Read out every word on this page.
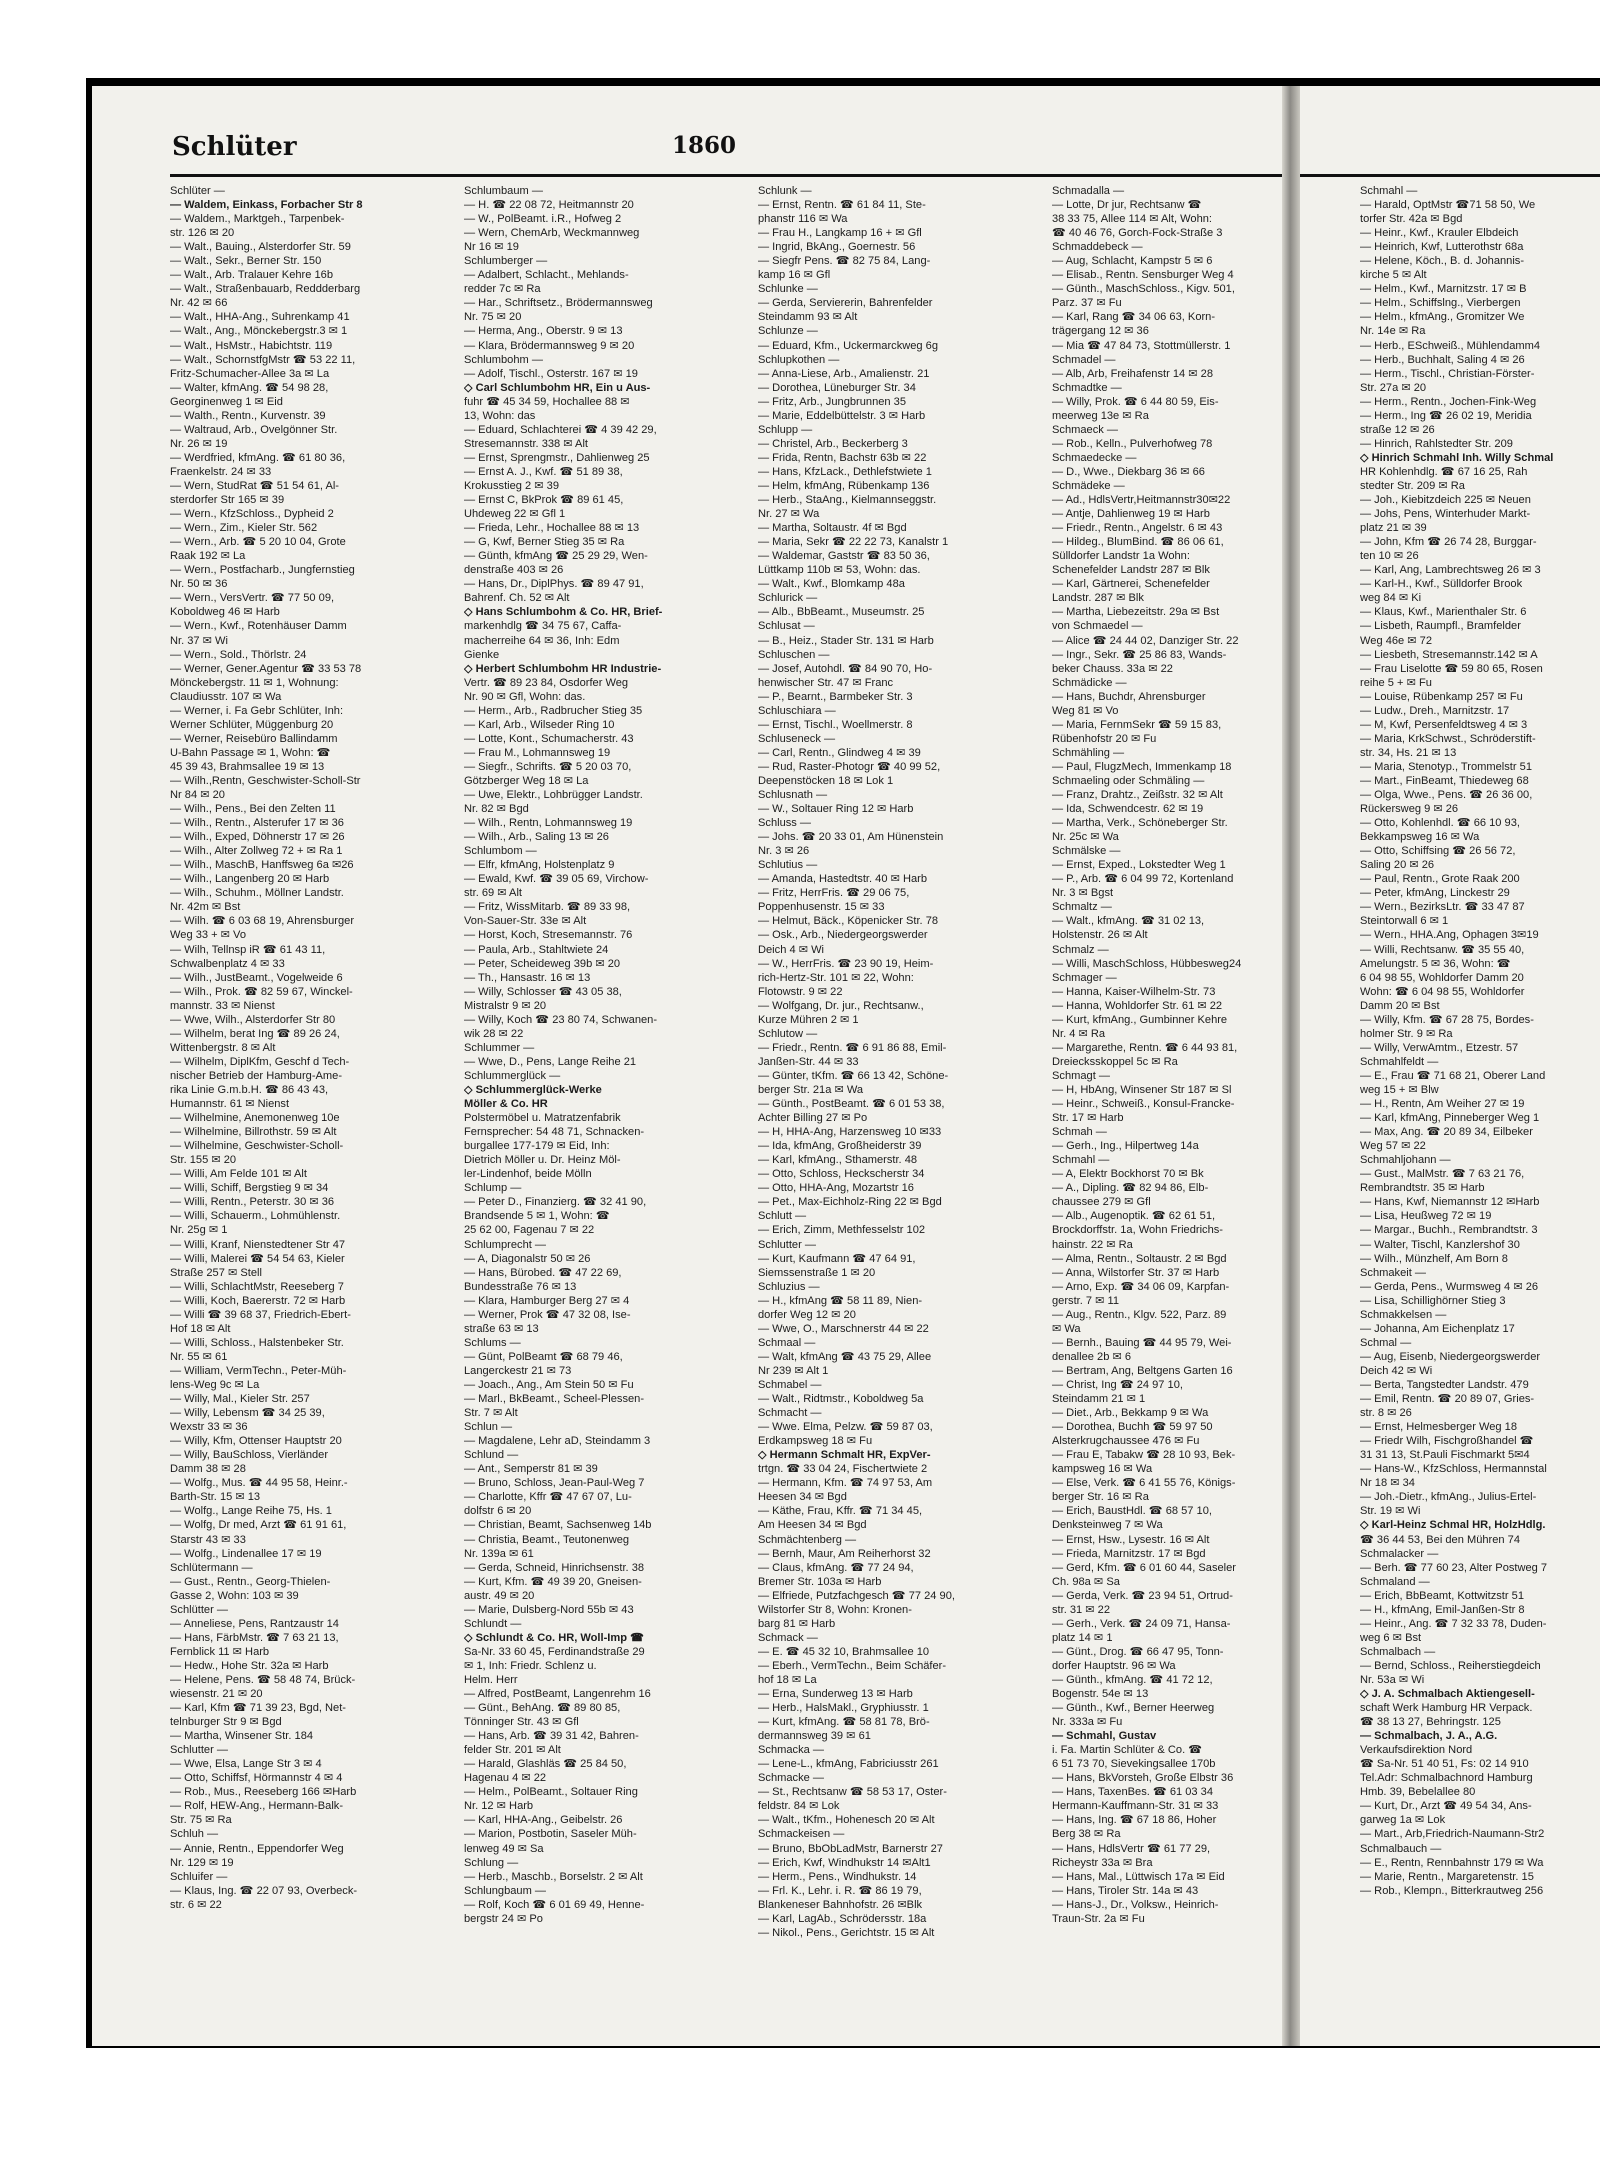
Schlüter	1860
Schlüter —
— Waldem, Einkass, Forbacher Str 8
— Waldem., Marktgeh., Tarpenbek-
str. 126 ✉ 20
— Walt., Bauing., Alsterdorfer Str. 59
— Walt., Sekr., Berner Str. 150
— Walt., Arb. Tralauer Kehre 16b
— Walt., Straßenbauarb, Reddderbarg
Nr. 42 ✉ 66
— Walt., HHA-Ang., Suhrenkamp 41
— Walt., Ang., Mönckebergstr.3 ✉ 1
— Walt., HsMstr., Habichtstr. 119
— Walt., SchornstfgMstr ☎ 53 22 11,
Fritz-Schumacher-Allee 3a ✉ La
— Walter, kfmAng. ☎ 54 98 28,
Georginenweg 1 ✉ Eid
— Walth., Rentn., Kurvenstr. 39
— Waltraud, Arb., Ovelgönner Str.
Nr. 26 ✉ 19
— Werdfried, kfmAng. ☎ 61 80 36,
Fraenkelstr. 24 ✉ 33
— Wern, StudRat ☎ 51 54 61, Al-
sterdorfer Str 165 ✉ 39
— Wern., KfzSchloss., Dypheid 2
— Wern., Zim., Kieler Str. 562
— Wern., Arb. ☎ 5 20 10 04, Grote
Raak 192 ✉ La
— Wern., Postfacharb., Jungfernstieg
Nr. 50 ✉ 36
— Wern., VersVertr. ☎ 77 50 09,
Koboldweg 46 ✉ Harb
— Wern., Kwf., Rotenhäuser Damm
Nr. 37 ✉ Wi
— Wern., Sold., Thörlstr. 24
— Werner, Gener.Agentur ☎ 33 53 78
Mönckebergstr. 11 ✉ 1, Wohnung:
Claudiusstr. 107 ✉ Wa
— Werner, i. Fa Gebr Schlüter, Inh:
Werner Schlüter, Müggenburg 20
— Werner, Reisebüro Ballindamm
U-Bahn Passage ✉ 1, Wohn: ☎
45 39 43, Brahmsallee 19 ✉ 13
— Wilh.,Rentn, Geschwister-Scholl-Str
Nr 84 ✉ 20
— Wilh., Pens., Bei den Zelten 11
— Wilh., Rentn., Alsterufer 17 ✉ 36
— Wilh., Exped, Döhnerstr 17 ✉ 26
— Wilh., Alter Zollweg 72 + ✉ Ra 1
— Wilh., MaschB, Hanffsweg 6a ✉26
— Wilh., Langenberg 20 ✉ Harb
— Wilh., Schuhm., Möllner Landstr.
Nr. 42m ✉ Bst
— Wilh. ☎ 6 03 68 19, Ahrensburger
Weg 33 + ✉ Vo
— Wilh, Tellnsp iR ☎ 61 43 11,
Schwalbenplatz 4 ✉ 33
— Wilh., JustBeamt., Vogelweide 6
— Wilh., Prok. ☎ 82 59 67, Winckel-
mannstr. 33 ✉ Nienst
— Wwe, Wilh., Alsterdorfer Str 80
— Wilhelm, berat Ing ☎ 89 26 24,
Wittenbergstr. 8 ✉ Alt
— Wilhelm, DiplKfm, Geschf d Tech-
nischer Betrieb der Hamburg-Ame-
rika Linie G.m.b.H. ☎ 86 43 43,
Humannstr. 61 ✉ Nienst
— Wilhelmine, Anemonenweg 10e
— Wilhelmine, Billrothstr. 59 ✉ Alt
— Wilhelmine, Geschwister-Scholl-
Str. 155 ✉ 20
— Willi, Am Felde 101 ✉ Alt
— Willi, Schiff, Bergstieg 9 ✉ 34
— Willi, Rentn., Peterstr. 30 ✉ 36
— Willi, Schauerm., Lohmühlenstr.
Nr. 25g ✉ 1
— Willi, Kranf, Nienstedtener Str 47
— Willi, Malerei ☎ 54 54 63, Kieler
Straße 257 ✉ Stell
— Willi, SchlachtMstr, Reeseberg 7
— Willi, Koch, Baererstr. 72 ✉ Harb
— Willi ☎ 39 68 37, Friedrich-Ebert-
Hof 18 ✉ Alt
— Willi, Schloss., Halstenbeker Str.
Nr. 55 ✉ 61
— William, VermTechn., Peter-Müh-
lens-Weg 9c ✉ La
— Willy, Mal., Kieler Str. 257
— Willy, Lebensm ☎ 34 25 39,
Wexstr 33 ✉ 36
— Willy, Kfm, Ottenser Hauptstr 20
— Willy, BauSchloss, Vierländer
Damm 38 ✉ 28
— Wolfg., Mus. ☎ 44 95 58, Heinr.-
Barth-Str. 15 ✉ 13
— Wolfg., Lange Reihe 75, Hs. 1
— Wolfg, Dr med, Arzt ☎ 61 91 61,
Starstr 43 ✉ 33
— Wolfg., Lindenallee 17 ✉ 19
Schlütermann —
— Gust., Rentn., Georg-Thielen-
Gasse 2, Wohn: 103 ✉ 39
Schlütter —
— Anneliese, Pens, Rantzaustr 14
— Hans, FärbMstr. ☎ 7 63 21 13,
Fernblick 11 ✉ Harb
— Hedw., Hohe Str. 32a ✉ Harb
— Helene, Pens. ☎ 58 48 74, Brück-
wiesenstr. 21 ✉ 20
— Karl, Kfm ☎ 71 39 23, Bgd, Net-
telnburger Str 9 ✉ Bgd
— Martha, Winsener Str. 184
Schlutter —
— Wwe, Elsa, Lange Str 3 ✉ 4
— Otto, Schiffsf, Hörmannstr 4 ✉ 4
— Rob., Mus., Reeseberg 166 ✉Harb
— Rolf, HEW-Ang., Hermann-Balk-
Str. 75 ✉ Ra
Schluh —
— Annie, Rentn., Eppendorfer Weg
Nr. 129 ✉ 19
Schluifer —
— Klaus, Ing. ☎ 22 07 93, Overbeck-
str. 6 ✉ 22
Schlumbaum —
— H. ☎ 22 08 72, Heitmannstr 20
— W., PolBeamt. i.R., Hofweg 2
— Wern, ChemArb, Weckmannweg
Nr 16 ✉ 19
Schlumberger —
— Adalbert, Schlacht., Mehlands-
redder 7c ✉ Ra
— Har., Schriftsetz., Brödermannsweg
Nr. 75 ✉ 20
— Herma, Ang., Oberstr. 9 ✉ 13
— Klara, Brödermannsweg 9 ✉ 20
Schlumbohm —
— Adolf, Tischl., Osterstr. 167 ✉ 19
◇ Carl Schlumbohm HR, Ein u Aus-
fuhr ☎ 45 34 59, Hochallee 88 ✉
13, Wohn: das
— Eduard, Schlachterei ☎ 4 39 42 29,
Stresemannstr. 338 ✉ Alt
— Ernst, Sprengmstr., Dahlienweg 25
— Ernst A. J., Kwf. ☎ 51 89 38,
Krokusstieg 2 ✉ 39
— Ernst C, BkProk ☎ 89 61 45,
Uhdeweg 22 ✉ Gfl 1
— Frieda, Lehr., Hochallee 88 ✉ 13
— G, Kwf, Berner Stieg 35 ✉ Ra
— Günth, kfmAng ☎ 25 29 29, Wen-
denstraße 403 ✉ 26
— Hans, Dr., DiplPhys. ☎ 89 47 91,
Bahrenf. Ch. 52 ✉ Alt
◇ Hans Schlumbohm & Co. HR, Brief-
markenhdlg ☎ 34 75 67, Caffa-
macherreihe 64 ✉ 36, Inh: Edm
Gienke
◇ Herbert Schlumbohm HR Industrie-
Vertr. ☎ 89 23 84, Osdorfer Weg
Nr. 90 ✉ Gfl, Wohn: das.
— Herm., Arb., Radbrucher Stieg 35
— Karl, Arb., Wilseder Ring 10
— Lotte, Kont., Schumacherstr. 43
— Frau M., Lohmannsweg 19
— Siegfr., Schrifts. ☎ 5 20 03 70,
Götzberger Weg 18 ✉ La
— Uwe, Elektr., Lohbrügger Landstr.
Nr. 82 ✉ Bgd
— Wilh., Rentn, Lohmannsweg 19
— Wilh., Arb., Saling 13 ✉ 26
Schlumbom —
— Elfr, kfmAng, Holstenplatz 9
— Ewald, Kwf. ☎ 39 05 69, Virchow-
str. 69 ✉ Alt
— Fritz, WissMitarb. ☎ 89 33 98,
Von-Sauer-Str. 33e ✉ Alt
— Horst, Koch, Stresemannstr. 76
— Paula, Arb., Stahltwiete 24
— Peter, Scheideweg 39b ✉ 20
— Th., Hansastr. 16 ✉ 13
— Willy, Schlosser ☎ 43 05 38,
Mistralstr 9 ✉ 20
— Willy, Koch ☎ 23 80 74, Schwanen-
wik 28 ✉ 22
Schlummer —
— Wwe, D., Pens, Lange Reihe 21
Schlummerglück —
◇ Schlummerglück-Werke
Möller & Co. HR
Polstermöbel u. Matratzenfabrik
Fernsprecher: 54 48 71, Schnacken-
burgallee 177-179 ✉ Eid, Inh:
Dietrich Möller u. Dr. Heinz Möl-
ler-Lindenhof, beide Mölln
Schlump —
— Peter D., Finanzierg. ☎ 32 41 90,
Brandsende 5 ✉ 1, Wohn: ☎
25 62 00, Fagenau 7 ✉ 22
Schlumprecht —
— A, Diagonalstr 50 ✉ 26
— Hans, Bürobed. ☎ 47 22 69,
Bundesstraße 76 ✉ 13
— Klara, Hamburger Berg 27 ✉ 4
— Werner, Prok ☎ 47 32 08, Ise-
straße 63 ✉ 13
Schlums —
— Günt, PolBeamt ☎ 68 79 46,
Langerckestr 21 ✉ 73
— Joach., Ang., Am Stein 50 ✉ Fu
— Marl., BkBeamt., Scheel-Plessen-
Str. 7 ✉ Alt
Schlun —
— Magdalene, Lehr aD, Steindamm 3
Schlund —
— Ant., Semperstr 81 ✉ 39
— Bruno, Schloss, Jean-Paul-Weg 7
— Charlotte, Kffr ☎ 47 67 07, Lu-
dolfstr 6 ✉ 20
— Christian, Beamt, Sachsenweg 14b
— Christia, Beamt., Teutonenweg
Nr. 139a ✉ 61
— Gerda, Schneid, Hinrichsenstr. 38
— Kurt, Kfm. ☎ 49 39 20, Gneisen-
austr. 49 ✉ 20
— Marie, Dulsberg-Nord 55b ✉ 43
Schlundt —
◇ Schlundt & Co. HR, Woll-Imp ☎
Sa-Nr. 33 60 45, Ferdinandstraße 29
✉ 1, Inh: Friedr. Schlenz u.
Helm. Herr
— Alfred, PostBeamt, Langenrehm 16
— Günt., BehAng. ☎ 89 80 85,
Tönninger Str. 43 ✉ Gfl
— Hans, Arb. ☎ 39 31 42, Bahren-
felder Str. 201 ✉ Alt
— Harald, Glashläs ☎ 25 84 50,
Hagenau 4 ✉ 22
— Helm., PolBeamt., Soltauer Ring
Nr. 12 ✉ Harb
— Karl, HHA-Ang., Geibelstr. 26
— Marion, Postbotin, Saseler Müh-
lenweg 49 ✉ Sa
Schlung —
— Herb., Maschb., Borselstr. 2 ✉ Alt
Schlungbaum —
— Rolf, Koch ☎ 6 01 69 49, Henne-
bergstr 24 ✉ Po
Schlunk —
— Ernst, Rentn. ☎ 61 84 11, Ste-
phanstr 116 ✉ Wa
— Frau H., Langkamp 16 + ✉ Gfl
— Ingrid, BkAng., Goernestr. 56
— Siegfr Pens. ☎ 82 75 84, Lang-
kamp 16 ✉ Gfl
Schlunke —
— Gerda, Serviererin, Bahrenfelder
Steindamm 93 ✉ Alt
Schlunze —
— Eduard, Kfm., Uckermarckweg 6g
Schlupkothen —
— Anna-Liese, Arb., Amalienstr. 21
— Dorothea, Lüneburger Str. 34
— Fritz, Arb., Jungbrunnen 35
— Marie, Eddelbüttelstr. 3 ✉ Harb
Schlupp —
— Christel, Arb., Beckerberg 3
— Frida, Rentn, Bachstr 63b ✉ 22
— Hans, KfzLack., Dethlefstwiete 1
— Helm, kfmAng, Rübenkamp 136
— Herb., StaAng., Kielmannseggstr.
Nr. 27 ✉ Wa
— Martha, Soltaustr. 4f ✉ Bgd
— Maria, Sekr ☎ 22 22 73, Kanalstr 1
— Waldemar, Gaststr ☎ 83 50 36,
Lüttkamp 110b ✉ 53, Wohn: das.
— Walt., Kwf., Blomkamp 48a
Schlurick —
— Alb., BbBeamt., Museumstr. 25
Schlusat —
— B., Heiz., Stader Str. 131 ✉ Harb
Schluschen —
— Josef, Autohdl. ☎ 84 90 70, Ho-
henwischer Str. 47 ✉ Franc
— P., Bearnt., Barmbeker Str. 3
Schluschiara —
— Ernst, Tischl., Woellmerstr. 8
Schluseneck —
— Carl, Rentn., Glindweg 4 ✉ 39
— Rud, Raster-Photogr ☎ 40 99 52,
Deepenstöcken 18 ✉ Lok 1
Schlusnath —
— W., Soltauer Ring 12 ✉ Harb
Schluss —
— Johs. ☎ 20 33 01, Am Hünenstein
Nr. 3 ✉ 26
Schlutius —
— Amanda, Hastedtstr. 40 ✉ Harb
— Fritz, HerrFris. ☎ 29 06 75,
Poppenhusenstr. 15 ✉ 33
— Helmut, Bäck., Köpenicker Str. 78
— Osk., Arb., Niedergeorgswerder
Deich 4 ✉ Wi
— W., HerrFris. ☎ 23 90 19, Heim-
rich-Hertz-Str. 101 ✉ 22, Wohn:
Flotowstr. 9 ✉ 22
— Wolfgang, Dr. jur., Rechtsanw.,
Kurze Mühren 2 ✉ 1
Schlutow —
— Friedr., Rentn. ☎ 6 91 86 88, Emil-
Janßen-Str. 44 ✉ 33
— Günter, tKfm. ☎ 66 13 42, Schöne-
berger Str. 21a ✉ Wa
— Günth., PostBeamt. ☎ 6 01 53 38,
Achter Billing 27 ✉ Po
— H, HHA-Ang, Harzensweg 10 ✉33
— Ida, kfmAng, Großheiderstr 39
— Karl, kfmAng., Sthamerstr. 48
— Otto, Schloss, Heckscherstr 34
— Otto, HHA-Ang, Mozartstr 16
— Pet., Max-Eichholz-Ring 22 ✉ Bgd
Schlutt —
— Erich, Zimm, Methfesselstr 102
Schlutter —
— Kurt, Kaufmann ☎ 47 64 91,
Siemssenstraße 1 ✉ 20
Schluzius —
— H., kfmAng ☎ 58 11 89, Nien-
dorfer Weg 12 ✉ 20
— Wwe, O., Marschnerstr 44 ✉ 22
Schmaal —
— Walt, kfmAng ☎ 43 75 29, Allee
Nr 239 ✉ Alt 1
Schmabel —
— Walt., Ridtmstr., Koboldweg 5a
Schmacht —
— Wwe. Elma, Pelzw. ☎ 59 87 03,
Erdkampsweg 18 ✉ Fu
◇ Hermann Schmalt HR, ExpVer-
trtgn. ☎ 33 04 24, Fischertwiete 2
— Hermann, Kfm. ☎ 74 97 53, Am
Heesen 34 ✉ Bgd
— Käthe, Frau, Kffr. ☎ 71 34 45,
Am Heesen 34 ✉ Bgd
Schmächtenberg —
— Bernh, Maur, Am Reiherhorst 32
— Claus, kfmAng. ☎ 77 24 94,
Bremer Str. 103a ✉ Harb
— Elfriede, Putzfachgesch ☎ 77 24 90,
Wilstorfer Str 8, Wohn: Kronen-
barg 81 ✉ Harb
Schmack —
— E. ☎ 45 32 10, Brahmsallee 10
— Eberh., VermTechn., Beim Schäfer-
hof 18 ✉ La
— Erna, Sunderweg 13 ✉ Harb
— Herb., HalsMakl., Gryphiusstr. 1
— Kurt, kfmAng. ☎ 58 81 78, Brö-
dermannsweg 39 ✉ 61
Schmacka —
— Lene-L., kfmAng, Fabriciusstr 261
Schmacke —
— St., Rechtsanw ☎ 58 53 17, Oster-
feldstr. 84 ✉ Lok
— Walt., tKfm., Hohenesch 20 ✉ Alt
Schmackeisen —
— Bruno, BbObLadMstr, Barnerstr 27
— Erich, Kwf, Windhukstr 14 ✉Alt1
— Herm., Pens., Windhukstr. 14
— Frl. K., Lehr. i. R. ☎ 86 19 79,
Blankeneser Bahnhofstr. 26 ✉Blk
— Karl, LagAb., Schrödersstr. 18a
— Nikol., Pens., Gerichtstr. 15 ✉ Alt
Schmadalla —
— Lotte, Dr jur, Rechtsanw ☎
38 33 75, Allee 114 ✉ Alt, Wohn:
☎ 40 46 76, Gorch-Fock-Straße 3
Schmaddebeck —
— Aug, Schlacht, Kampstr 5 ✉ 6
— Elisab., Rentn. Sensburger Weg 4
— Günth., MaschSchloss., Kigv. 501,
Parz. 37 ✉ Fu
— Karl, Rang ☎ 34 06 63, Korn-
trägergang 12 ✉ 36
— Mia ☎ 47 84 73, Stottmüllerstr. 1
Schmadel —
— Alb, Arb, Freihafenstr 14 ✉ 28
Schmadtke —
— Willy, Prok. ☎ 6 44 80 59, Eis-
meerweg 13e ✉ Ra
Schmaeck —
— Rob., Kelln., Pulverhofweg 78
Schmaedecke —
— D., Wwe., Diekbarg 36 ✉ 66
Schmädeke —
— Ad., HdlsVertr,Heitmannstr30✉22
— Antje, Dahlienweg 19 ✉ Harb
— Friedr., Rentn., Angelstr. 6 ✉ 43
— Hildeg., BlumBind. ☎ 86 06 61,
Sülldorfer Landstr 1a Wohn:
Schenefelder Landstr 287 ✉ Blk
— Karl, Gärtnerei, Schenefelder
Landstr. 287 ✉ Blk
— Martha, Liebezeitstr. 29a ✉ Bst
von Schmaedel —
— Alice ☎ 24 44 02, Danziger Str. 22
— Ingr., Sekr. ☎ 25 86 83, Wands-
beker Chauss. 33a ✉ 22
Schmädicke —
— Hans, Buchdr, Ahrensburger
Weg 81 ✉ Vo
— Maria, FernmSekr ☎ 59 15 83,
Rübenhofstr 20 ✉ Fu
Schmähling —
— Paul, FlugzMech, Immenkamp 18
Schmaeling oder Schmäling —
— Franz, Drahtz., Zeißstr. 32 ✉ Alt
— Ida, Schwendcestr. 62 ✉ 19
— Martha, Verk., Schöneberger Str.
Nr. 25c ✉ Wa
Schmälske —
— Ernst, Exped., Lokstedter Weg 1
— P., Arb. ☎ 6 04 99 72, Kortenland
Nr. 3 ✉ Bgst
Schmaltz —
— Walt., kfmAng. ☎ 31 02 13,
Holstenstr. 26 ✉ Alt
Schmalz —
— Willi, MaschSchloss, Hübbesweg24
Schmager —
— Hanna, Kaiser-Wilhelm-Str. 73
— Hanna, Wohldorfer Str. 61 ✉ 22
— Kurt, kfmAng., Gumbinner Kehre
Nr. 4 ✉ Ra
— Margarethe, Rentn. ☎ 6 44 93 81,
Dreiecksskoppel 5c ✉ Ra
Schmagt —
— H, HbAng, Winsener Str 187 ✉ Sl
— Heinr., Schweiß., Konsul-Francke-
Str. 17 ✉ Harb
Schmah —
— Gerh., Ing., Hilpertweg 14a
Schmahl —
— A, Elektr Bockhorst 70 ✉ Bk
— A., Dipling. ☎ 82 94 86, Elb-
chaussee 279 ✉ Gfl
— Alb., Augenoptik. ☎ 62 61 51,
Brockdorffstr. 1a, Wohn Friedrichs-
hainstr. 22 ✉ Ra
— Alma, Rentn., Soltaustr. 2 ✉ Bgd
— Anna, Wilstorfer Str. 37 ✉ Harb
— Arno, Exp. ☎ 34 06 09, Karpfan-
gerstr. 7 ✉ 11
— Aug., Rentn., Klgv. 522, Parz. 89
✉ Wa
— Bernh., Bauing ☎ 44 95 79, Wei-
denallee 2b ✉ 6
— Bertram, Ang, Beltgens Garten 16
— Christ, Ing ☎ 24 97 10,
Steindamm 21 ✉ 1
— Diet., Arb., Bekkamp 9 ✉ Wa
— Dorothea, Buchh ☎ 59 97 50
Alsterkrugchaussee 476 ✉ Fu
— Frau E, Tabakw ☎ 28 10 93, Bek-
kampsweg 16 ✉ Wa
— Else, Verk. ☎ 6 41 55 76, Königs-
berger Str. 16 ✉ Ra
— Erich, BaustHdl. ☎ 68 57 10,
Denksteinweg 7 ✉ Wa
— Ernst, Hsw., Lysestr. 16 ✉ Alt
— Frieda, Marnitzstr. 17 ✉ Bgd
— Gerd, Kfm. ☎ 6 01 60 44, Saseler
Ch. 98a ✉ Sa
— Gerda, Verk. ☎ 23 94 51, Ortrud-
str. 31 ✉ 22
— Gerh., Verk. ☎ 24 09 71, Hansa-
platz 14 ✉ 1
— Günt., Drog. ☎ 66 47 95, Tonn-
dorfer Hauptstr. 96 ✉ Wa
— Günth., kfmAng. ☎ 41 72 12,
Bogenstr. 54e ✉ 13
— Günth., Kwf., Berner Heerweg
Nr. 333a ✉ Fu
— Schmahl, Gustav
i. Fa. Martin Schlüter & Co. ☎
6 51 73 70, Sievekingsallee 170b
— Hans, BkVorsteh, Große Elbstr 36
— Hans, TaxenBes. ☎ 61 03 34
Hermann-Kauffmann-Str. 31 ✉ 33
— Hans, Ing. ☎ 67 18 86, Hoher
Berg 38 ✉ Ra
— Hans, HdlsVertr ☎ 61 77 29,
Richeystr 33a ✉ Bra
— Hans, Mal., Lüttwisch 17a ✉ Eid
— Hans, Tiroler Str. 14a ✉ 43
— Hans-J., Dr., Volksw., Heinrich-
Traun-Str. 2a ✉ Fu
Schmahl —
— Harald, OptMstr ☎71 58 50, We
torfer Str. 42a ✉ Bgd
— Heinr., Kwf., Krauler Elbdeich
— Heinrich, Kwf, Lutterothstr 68a
— Helene, Köch., B. d. Johannis-
kirche 5 ✉ Alt
— Helm., Kwf., Marnitzstr. 17 ✉ B
— Helm., Schiffslng., Vierbergen
— Helm., kfmAng., Gromitzer We
Nr. 14e ✉ Ra
— Herb., ESchweiß., Mühlendamm4
— Herb., Buchhalt, Saling 4 ✉ 26
— Herm., Tischl., Christian-Förster-
Str. 27a ✉ 20
— Herm., Rentn., Jochen-Fink-Weg
— Herm., Ing ☎ 26 02 19, Meridia
straße 12 ✉ 26
— Hinrich, Rahlstedter Str. 209
◇ Hinrich Schmahl Inh. Willy Schmal
HR Kohlenhdlg. ☎ 67 16 25, Rah
stedter Str. 209 ✉ Ra
— Joh., Kiebitzdeich 225 ✉ Neuen
— Johs, Pens, Winterhuder Markt-
platz 21 ✉ 39
— John, Kfm ☎ 26 74 28, Burggar-
ten 10 ✉ 26
— Karl, Ang, Lambrechtsweg 26 ✉ 3
— Karl-H., Kwf., Sülldorfer Brook
weg 84 ✉ Ki
— Klaus, Kwf., Marienthaler Str. 6
— Lisbeth, Raumpfl., Bramfelder
Weg 46e ✉ 72
— Liesbeth, Stresemannstr.142 ✉ A
— Frau Liselotte ☎ 59 80 65, Rosen
reihe 5 + ✉ Fu
— Louise, Rübenkamp 257 ✉ Fu
— Ludw., Dreh., Marnitzstr. 17
— M, Kwf, Persenfeldtsweg 4 ✉ 3
— Maria, KrkSchwst., Schröderstift-
str. 34, Hs. 21 ✉ 13
— Maria, Stenotyp., Trommelstr 51
— Mart., FinBeamt, Thiedeweg 68
— Olga, Wwe., Pens. ☎ 26 36 00,
Rückersweg 9 ✉ 26
— Otto, Kohlenhdl. ☎ 66 10 93,
Bekkampsweg 16 ✉ Wa
— Otto, Schiffsing ☎ 26 56 72,
Saling 20 ✉ 26
— Paul, Rentn., Grote Raak 200
— Peter, kfmAng, Linckestr 29
— Wern., BezirksLtr. ☎ 33 47 87
Steintorwall 6 ✉ 1
— Wern., HHA.Ang, Ophagen 3✉19
— Willi, Rechtsanw. ☎ 35 55 40,
Amelungstr. 5 ✉ 36, Wohn: ☎
6 04 98 55, Wohldorfer Damm 20
Wohn: ☎ 6 04 98 55, Wohldorfer
Damm 20 ✉ Bst
— Willy, Kfm. ☎ 67 28 75, Bordes-
holmer Str. 9 ✉ Ra
— Willy, VerwAmtm., Etzestr. 57
Schmahlfeldt —
— E., Frau ☎ 71 68 21, Oberer Land
weg 15 + ✉ Blw
— H., Rentn, Am Weiher 27 ✉ 19
— Karl, kfmAng, Pinneberger Weg 1
— Max, Ang. ☎ 20 89 34, Eilbeker
Weg 57 ✉ 22
Schmahljohann —
— Gust., MalMstr. ☎ 7 63 21 76,
Rembrandtstr. 35 ✉ Harb
— Hans, Kwf, Niemannstr 12 ✉Harb
— Lisa, Heußweg 72 ✉ 19
— Margar., Buchh., Rembrandtstr. 3
— Walter, Tischl, Kanzlershof 30
— Wilh., Münzhelf, Am Born 8
Schmakeit —
— Gerda, Pens., Wurmsweg 4 ✉ 26
— Lisa, Schillighörner Stieg 3
Schmakkelsen —
— Johanna, Am Eichenplatz 17
Schmal —
— Aug, Eisenb, Niedergeorgswerder
Deich 42 ✉ Wi
— Berta, Tangstedter Landstr. 479
— Emil, Rentn. ☎ 20 89 07, Gries-
str. 8 ✉ 26
— Ernst, Helmesberger Weg 18
— Friedr Wilh, Fischgroßhandel ☎
31 31 13, St.Pauli Fischmarkt 5✉4
— Hans-W., KfzSchloss, Hermannstal
Nr 18 ✉ 34
— Joh.-Dietr., kfmAng., Julius-Ertel-
Str. 19 ✉ Wi
◇ Karl-Heinz Schmal HR, HolzHdlg.
☎ 36 44 53, Bei den Mühren 74
Schmalacker —
— Berh. ☎ 77 60 23, Alter Postweg 7
Schmaland —
— Erich, BbBeamt, Kottwitzstr 51
— H., kfmAng, Emil-Janßen-Str 8
— Heinr., Ang. ☎ 7 32 33 78, Duden-
weg 6 ✉ Bst
Schmalbach —
— Bernd, Schloss., Reiherstiegdeich
Nr. 53a ✉ Wi
◇ J. A. Schmalbach Aktiengesell-
schaft Werk Hamburg HR Verpack.
☎ 38 13 27, Behringstr. 125
— Schmalbach, J. A., A.G.
Verkaufsdirektion Nord
☎ Sa-Nr. 51 40 51, Fs: 02 14 910
Tel.Adr: Schmalbachnord Hamburg
Hmb. 39, Bebelallee 80
— Kurt, Dr., Arzt ☎ 49 54 34, Ans-
garweg 1a ✉ Lok
— Mart., Arb,Friedrich-Naumann-Str2
Schmalbauch —
— E., Rentn, Rennbahnstr 179 ✉ Wa
— Marie, Rentn., Margaretenstr. 15
— Rob., Klempn., Bitterkrautweg 256
